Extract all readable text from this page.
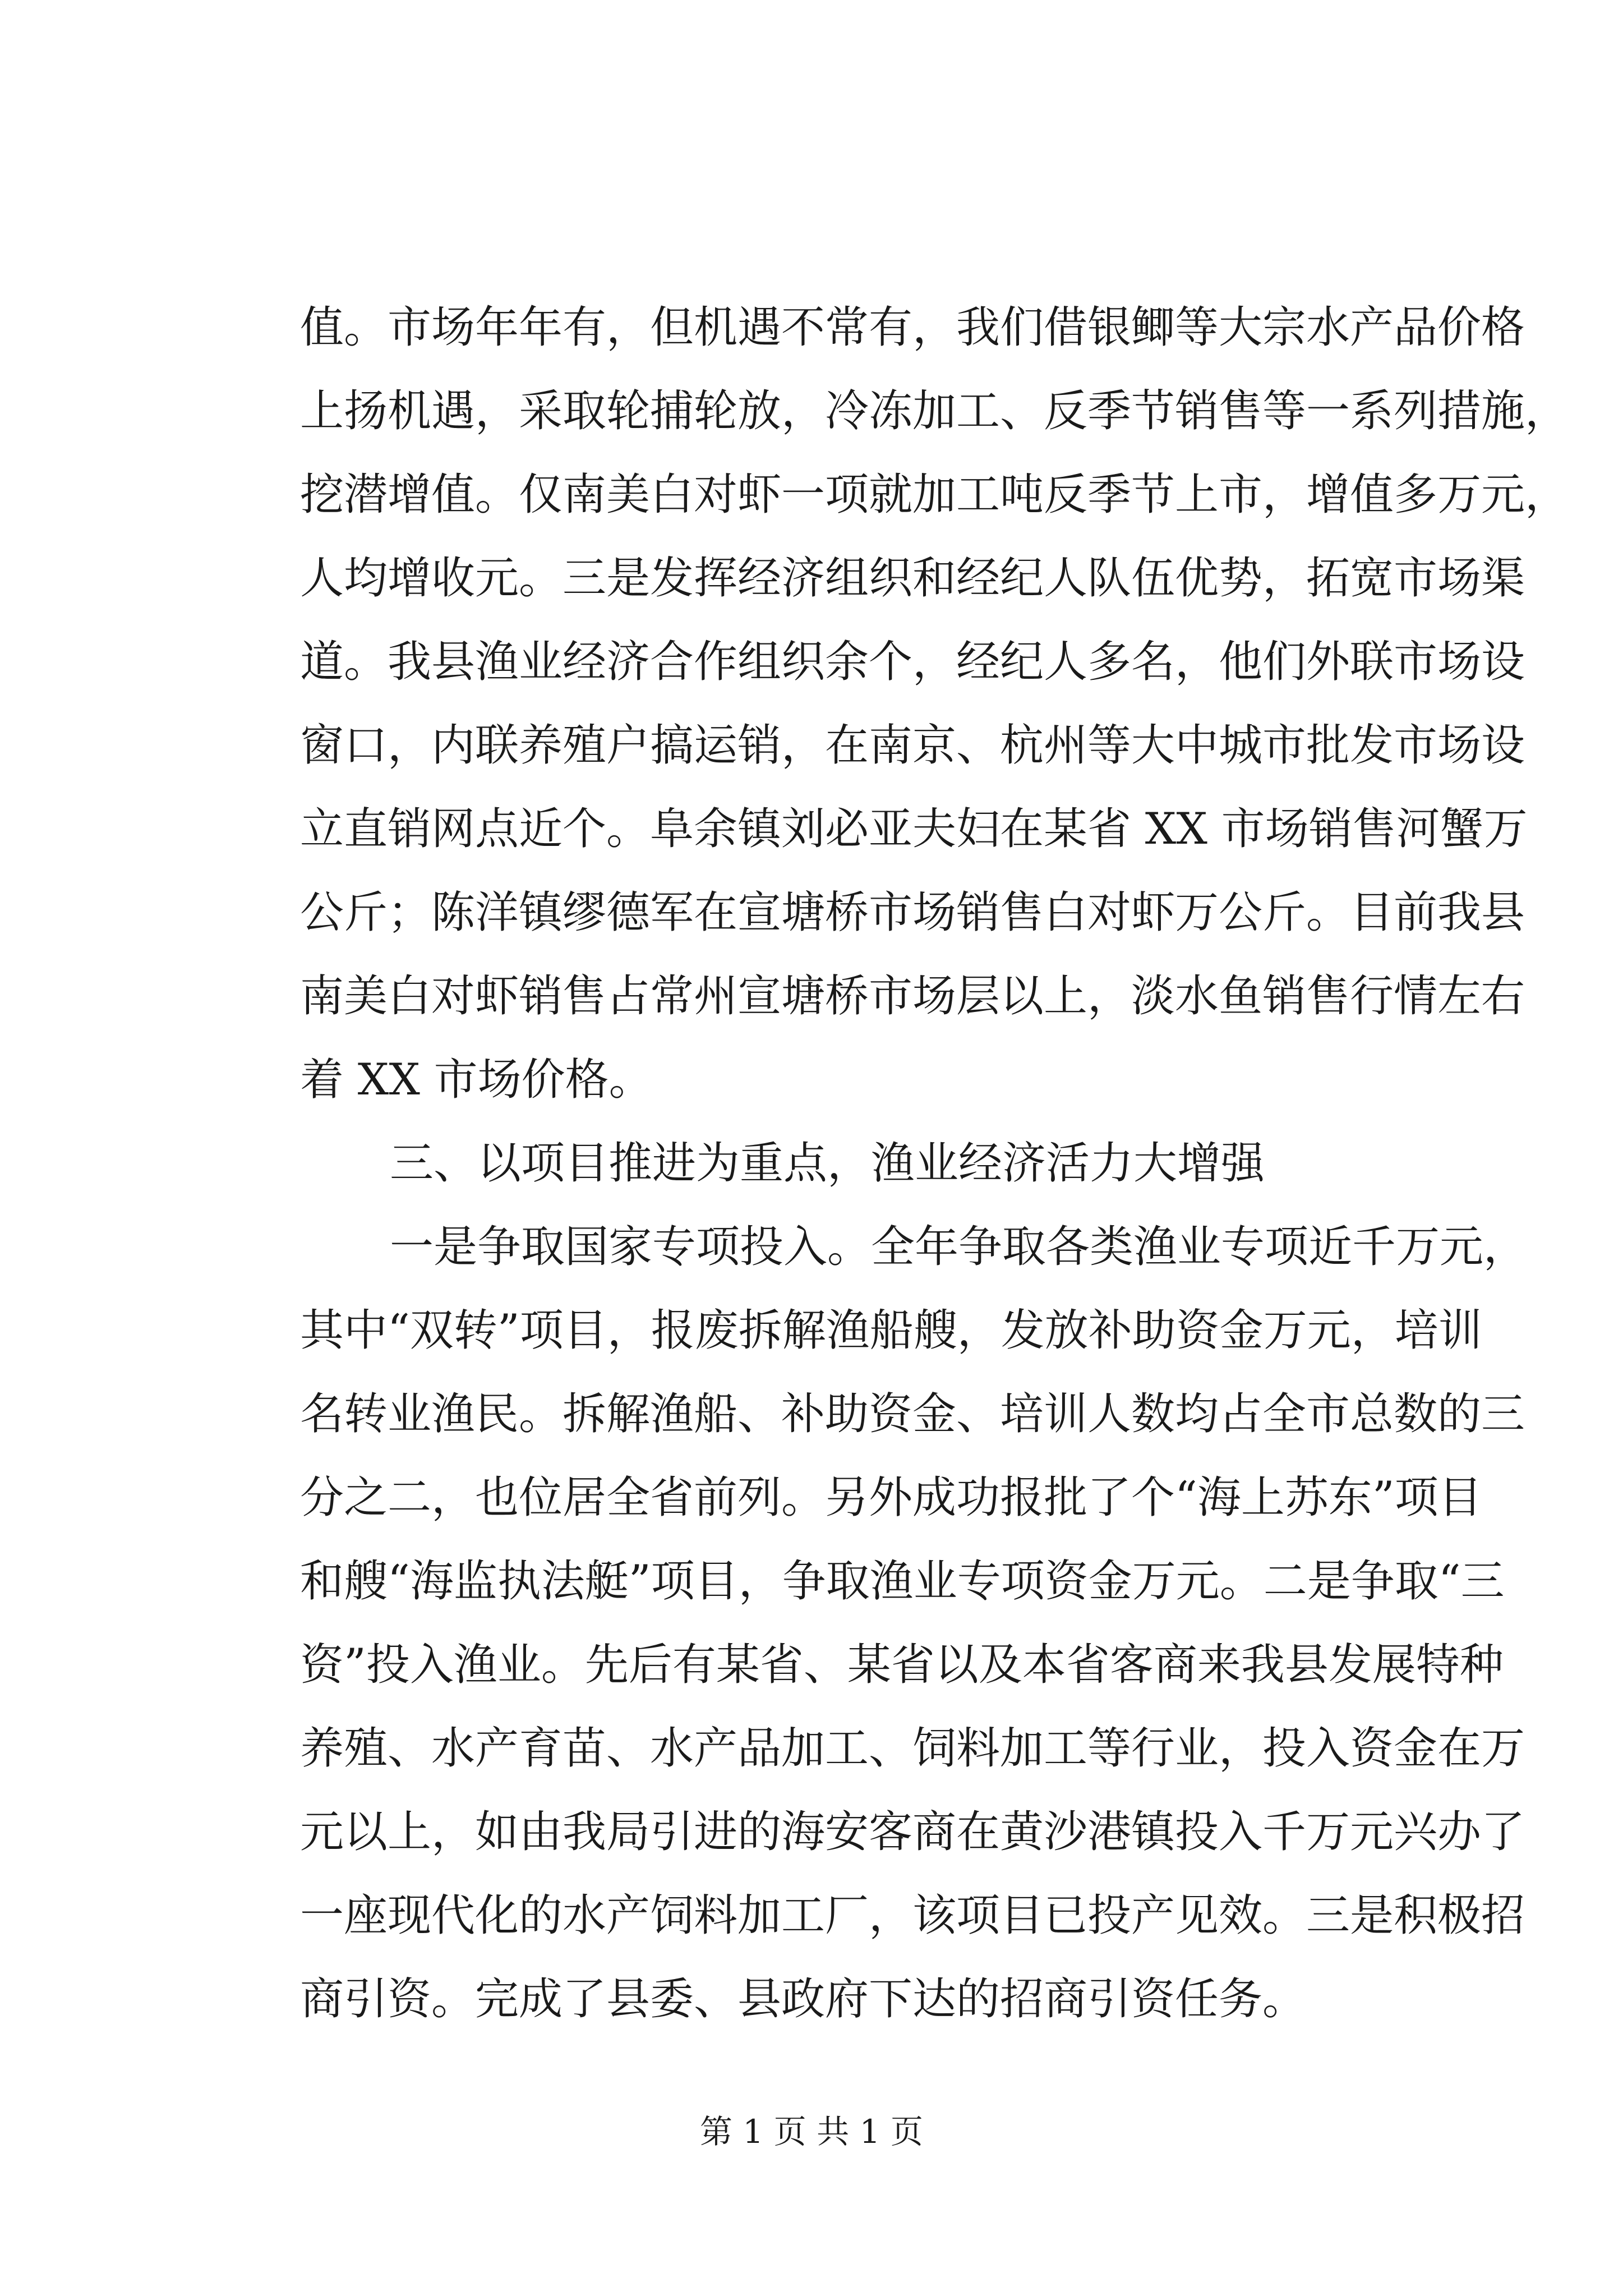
值。市场年年有，但机遇不常有，我们借银鲫等大宗水产品价格
上扬机遇，采取轮捕轮放，冷冻加工、反季节销售等一系列措施，
挖潜增值。仅南美白对虾一项就加工吨反季节上市，增值多万元，
人均增收元。三是发挥经济组织和经纪人队伍优势，拓宽市场渠
道。我县渔业经济合作组织余个，经纪人多名，他们外联市场设
窗口，内联养殖户搞运销，在南京、杭州等大中城市批发市场设
立直销网点近个。阜余镇刘必亚夫妇在某省 XX 市场销售河蟹万
公斤；陈洋镇缪德军在宣塘桥市场销售白对虾万公斤。目前我县
南美白对虾销售占常州宣塘桥市场层以上，淡水鱼销售行情左右
着 XX 市场价格。
三、以项目推进为重点，渔业经济活力大增强
一是争取国家专项投入。全年争取各类渔业专项近千万元，
其中“双转”项目，报废拆解渔船艘，发放补助资金万元，培训
名转业渔民。拆解渔船、补助资金、培训人数均占全市总数的三
分之二，也位居全省前列。另外成功报批了个“海上苏东”项目
和艘“海监执法艇”项目，争取渔业专项资金万元。二是争取“三
资”投入渔业。先后有某省、某省以及本省客商来我县发展特种
养殖、水产育苗、水产品加工、饲料加工等行业，投入资金在万
元以上，如由我局引进的海安客商在黄沙港镇投入千万元兴办了
一座现代化的水产饲料加工厂，该项目已投产见效。三是积极招
商引资。完成了县委、县政府下达的招商引资任务。
第 1 页 共 1 页
